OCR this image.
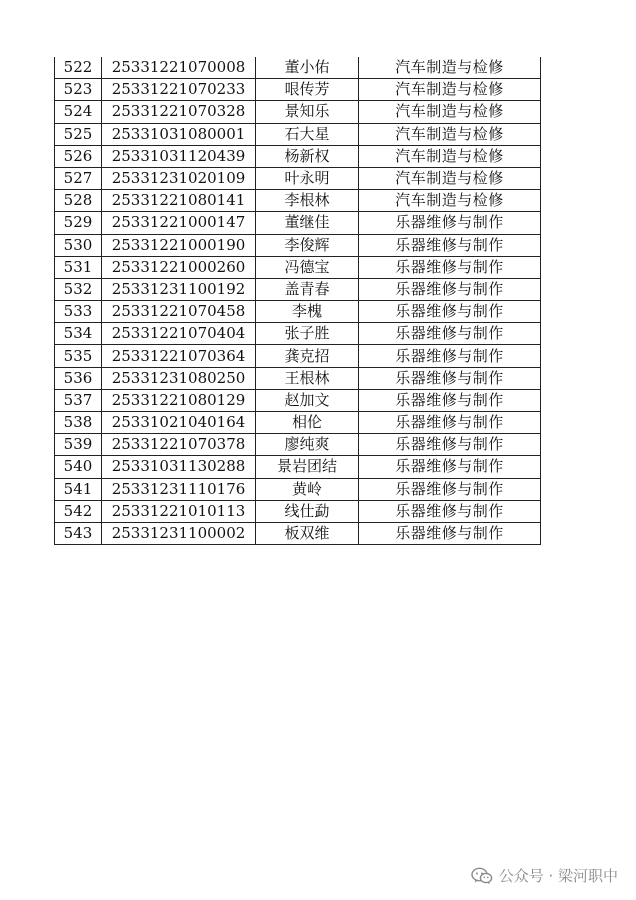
522	25331221070008	董小佑	汽车制造与检修
523	25331221070233	哏传芳	汽车制造与检修
524	25331221070328	景知乐	汽车制造与检修
525	25331031080001	石大星	汽车制造与检修
526	25331031120439	杨新权	汽车制造与检修
527	25331231020109	叶永明	汽车制造与检修
528	25331221080141	李根林	汽车制造与检修
529	25331221000147	董继佳	乐器维修与制作
530	25331221000190	李俊辉	乐器维修与制作
531	25331221000260	冯德宝	乐器维修与制作
532	25331231100192	盖青春	乐器维修与制作
533	25331221070458	李槐	乐器维修与制作
534	25331221070404	张子胜	乐器维修与制作
535	25331221070364	龚克招	乐器维修与制作
536	25331231080250	王根林	乐器维修与制作
537	25331221080129	赵加文	乐器维修与制作
538	25331021040164	相伦	乐器维修与制作
539	25331221070378	廖纯爽	乐器维修与制作
540	25331031130288	景岩团结	乐器维修与制作
541	25331231110176	黄岭	乐器维修与制作
542	25331221010113	线仕勐	乐器维修与制作
543	25331231100002	板双维	乐器维修与制作
公众号 · 梁河职中
